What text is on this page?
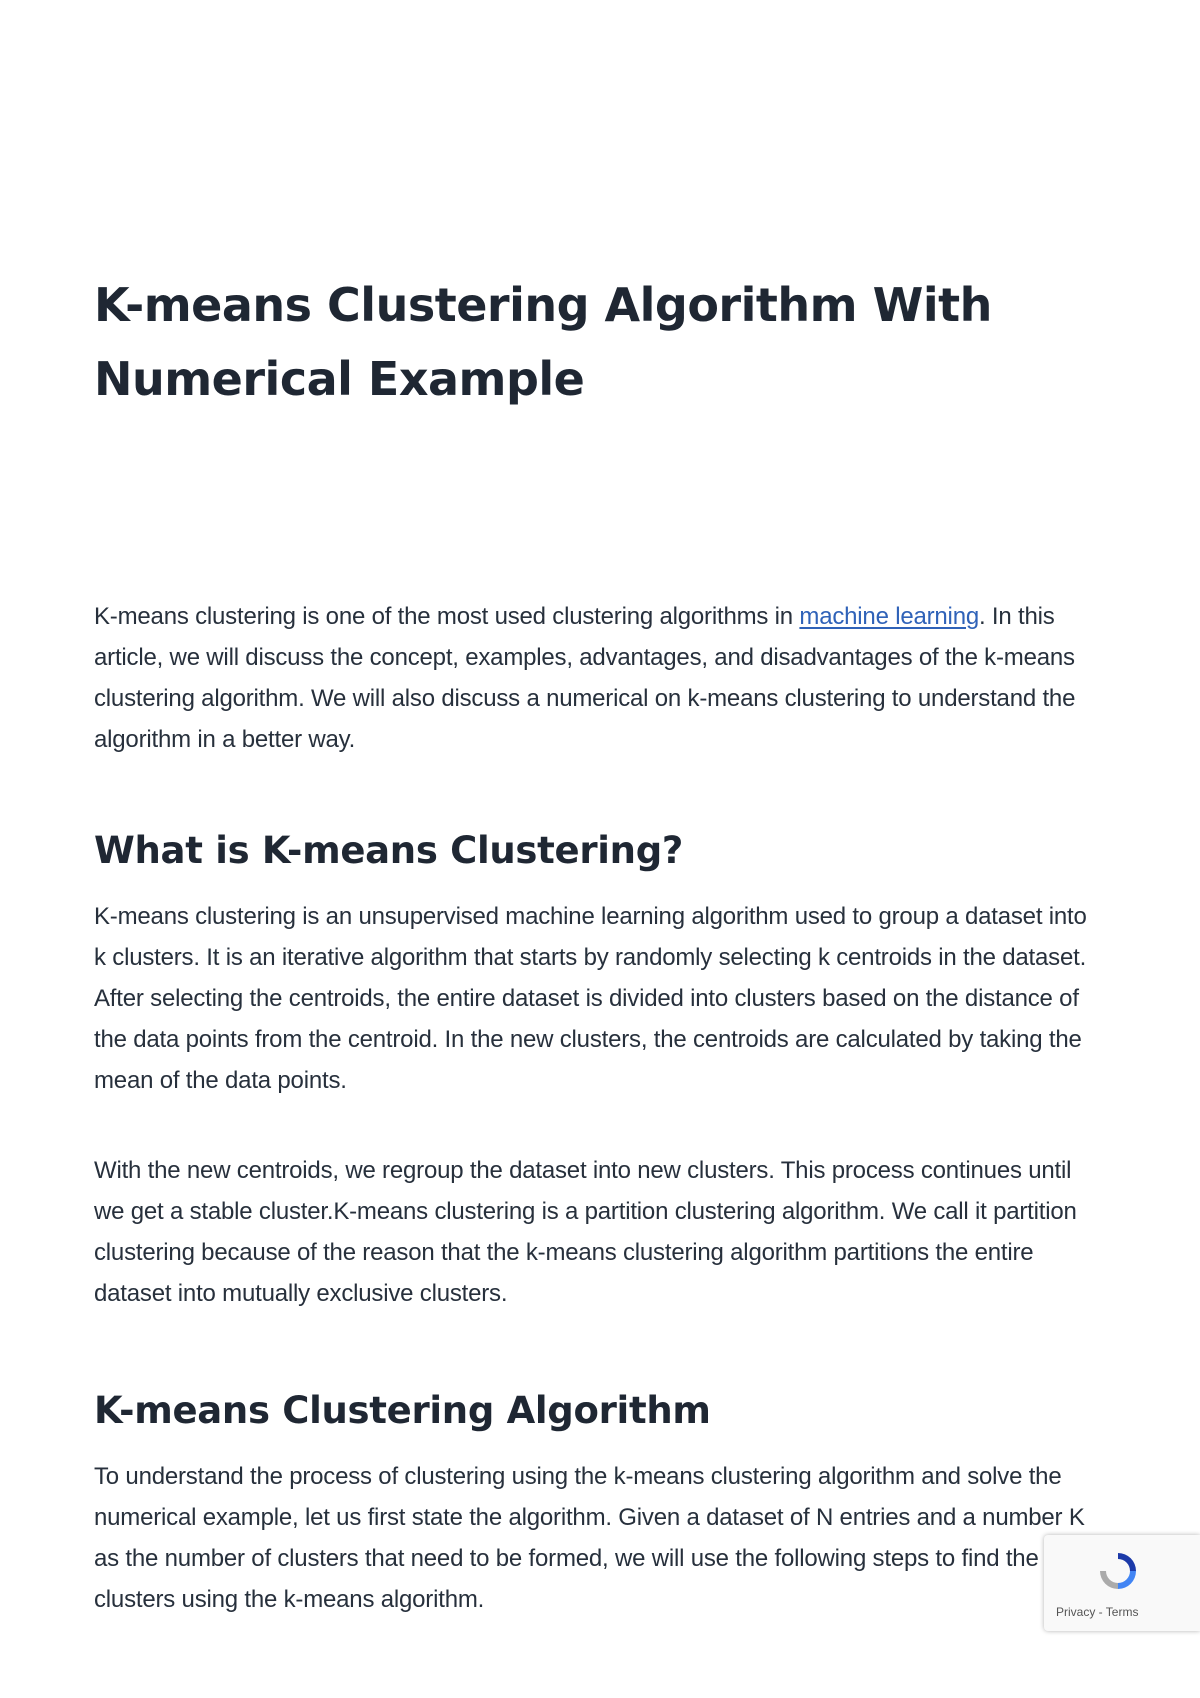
K-means Clustering Algorithm With Numerical Example

K-means clustering is one of the most used clustering algorithms in machine learning. In this article, we will discuss the concept, examples, advantages, and disadvantages of the k-means clustering algorithm. We will also discuss a numerical on k-means clustering to understand the algorithm in a better way.

What is K-means Clustering?

K-means clustering is an unsupervised machine learning algorithm used to group a dataset into k clusters. It is an iterative algorithm that starts by randomly selecting k centroids in the dataset. After selecting the centroids, the entire dataset is divided into clusters based on the distance of the data points from the centroid. In the new clusters, the centroids are calculated by taking the mean of the data points.

With the new centroids, we regroup the dataset into new clusters. This process continues until we get a stable cluster.K-means clustering is a partition clustering algorithm. We call it partition clustering because of the reason that the k-means clustering algorithm partitions the entire dataset into mutually exclusive clusters.

K-means Clustering Algorithm

To understand the process of clustering using the k-means clustering algorithm and solve the numerical example, let us first state the algorithm. Given a dataset of N entries and a number K as the number of clusters that need to be formed, we will use the following steps to find the clusters using the k-means algorithm.	Privacy - Terms
